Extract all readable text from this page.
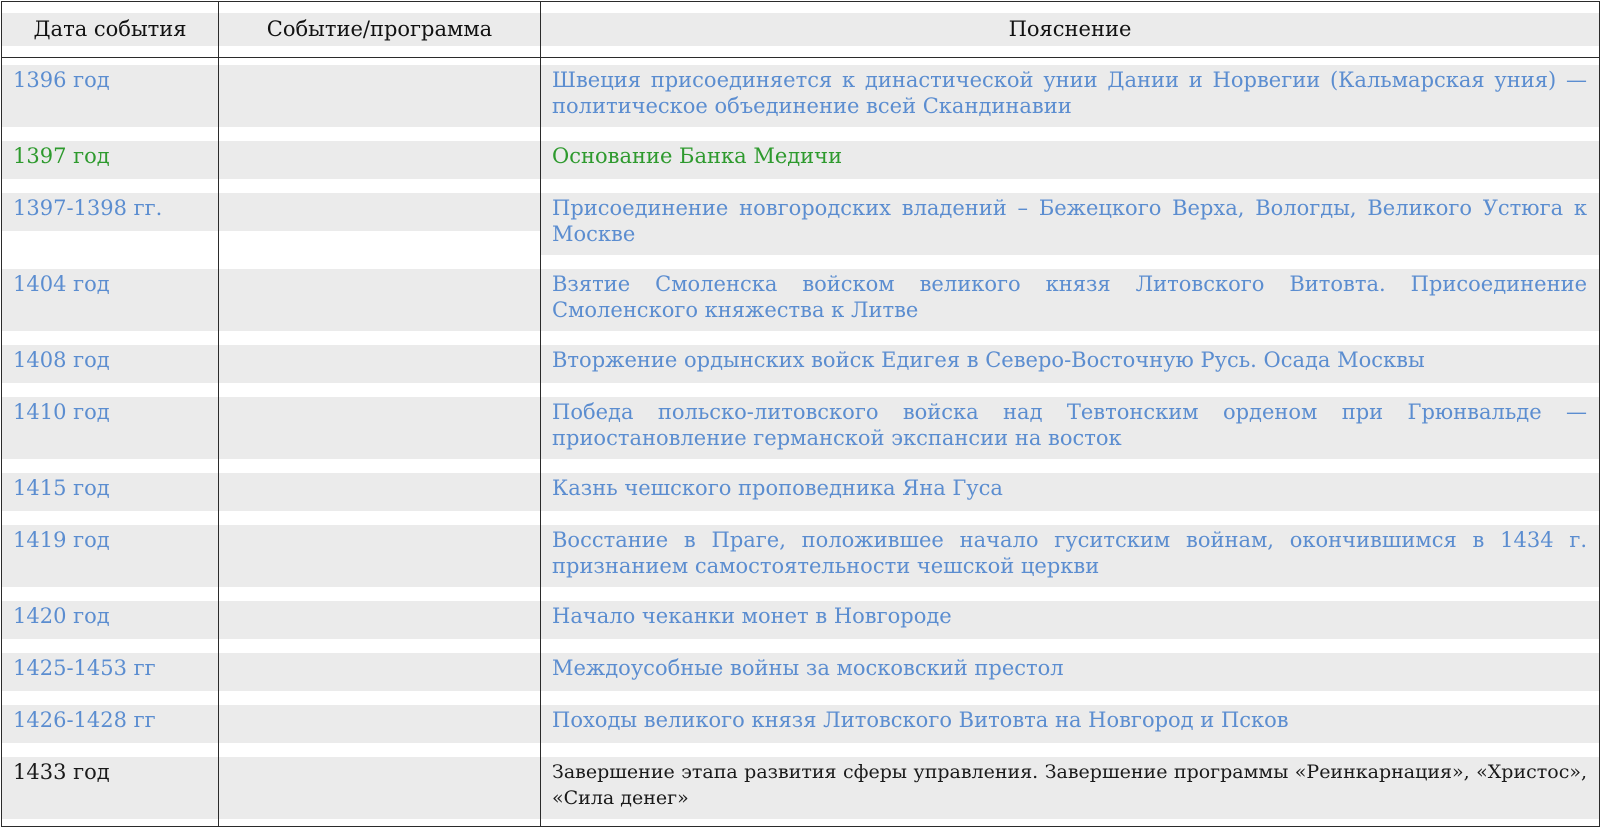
Дата события	Событие/программа	Пояснение

1396 год		Швеция присоединяется к династической унии Дании и Норвегии (Кальмарская уния) — политическое объединение всей Скандинавии

1397 год		Основание Банка Медичи

1397-1398 гг.		Присоединение новгородских владений – Бежецкого Верха, Вологды, Великого Устюга к Москве

1404 год		Взятие Смоленска войском великого князя Литовского Витовта. Присоединение Смоленского княжества к Литве

1408 год		Вторжение ордынских войск Едигея в Северо-Восточную Русь. Осада Москвы

1410 год		Победа польско-литовского войска над Тевтонским орденом при Грюнвальде — приостановление германской экспансии на восток

1415 год		Казнь чешского проповедника Яна Гуса

1419 год		Восстание в Праге, положившее начало гуситским войнам, окончившимся в 1434 г. признанием самостоятельности чешской церкви

1420 год		Начало чеканки монет в Новгороде

1425-1453 гг		Междоусобные войны за московский престол

1426-1428 гг		Походы великого князя Литовского Витовта на Новгород и Псков

1433 год		Завершение этапа развития сферы управления. Завершение программы «Реинкарнация», «Христос», «Сила денег»
